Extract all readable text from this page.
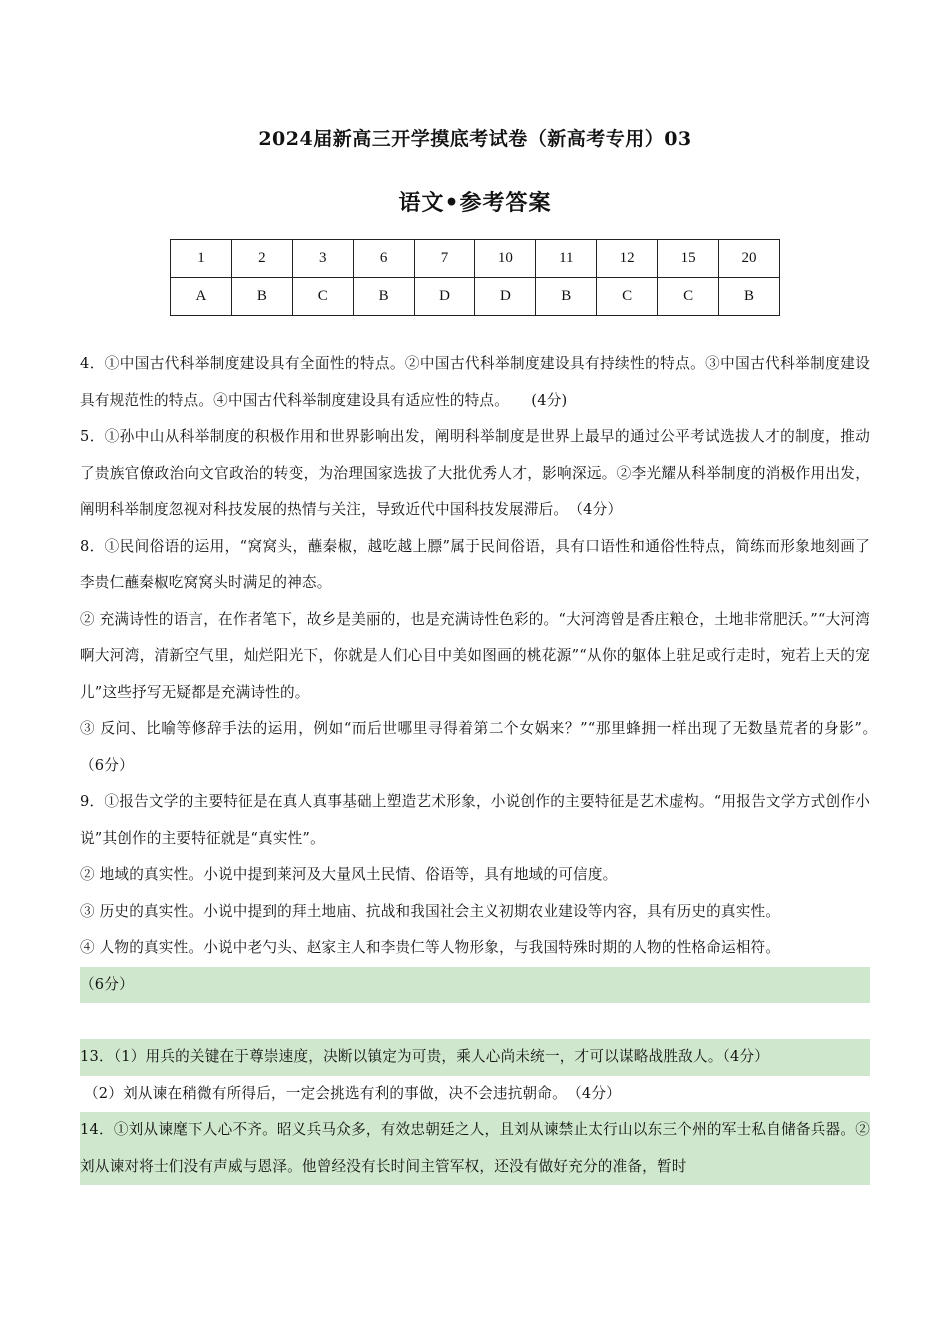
2024届新高三开学摸底考试卷（新高考专用）03
语文•参考答案
1	2	3	6	7	10	11	12	15	20
A	B	C	B	D	D	B	C	C	B

4．①中国古代科举制度建设具有全面性的特点。②中国古代科举制度建设具有持续性的特点。③中国古代科举制度建设具有规范性的特点。④中国古代科举制度建设具有适应性的特点。　　(4分)

5．①孙中山从科举制度的积极作用和世界影响出发，阐明科举制度是世界上最早的通过公平考试选拔人才的制度，推动了贵族官僚政治向文官政治的转变，为治理国家选拔了大批优秀人才，影响深远。②李光耀从科举制度的消极作用出发，阐明科举制度忽视对科技发展的热情与关注，导致近代中国科技发展滞后。　（4分）

8．①民间俗语的运用，“窝窝头，蘸秦椒，越吃越上膘”属于民间俗语，具有口语性和通俗性特点，简练而形象地刻画了李贵仁蘸秦椒吃窝窝头时满足的神态。

② 充满诗性的语言，在作者笔下，故乡是美丽的，也是充满诗性色彩的。“大河湾曾是香庄粮仓，土地非常肥沃。”“大河湾啊大河湾，清新空气里，灿烂阳光下，你就是人们心目中美如图画的桃花源”“从你的躯体上驻足或行走时，宛若上天的宠儿”这些抒写无疑都是充满诗性的。

③ 反问、比喻等修辞手法的运用，例如“而后世哪里寻得着第二个女娲来？”“那里蜂拥一样出现了无数垦荒者的身影”。　（6分）

9．①报告文学的主要特征是在真人真事基础上塑造艺术形象，小说创作的主要特征是艺术虚构。“用报告文学方式创作小说”其创作的主要特征就是“真实性”。

② 地域的真实性。小说中提到莱河及大量风土民情、俗语等，具有地域的可信度。

③ 历史的真实性。小说中提到的拜土地庙、抗战和我国社会主义初期农业建设等内容，具有历史的真实性。

④ 人物的真实性。小说中老勺头、赵家主人和李贵仁等人物形象，与我国特殊时期的人物的性格命运相符。

（6分）

13．（1）用兵的关键在于尊崇速度，决断以镇定为可贵，乘人心尚未统一，才可以谋略战胜敌人。（4分）

（2）刘从谏在稍微有所得后，一定会挑选有利的事做，决不会违抗朝命。　（4分）

14．①刘从谏麾下人心不齐。昭义兵马众多，有效忠朝廷之人，且刘从谏禁止太行山以东三个州的军士私自储备兵器。②刘从谏对将士们没有声威与恩泽。他曾经没有长时间主管军权，还没有做好充分的准备，暂时
